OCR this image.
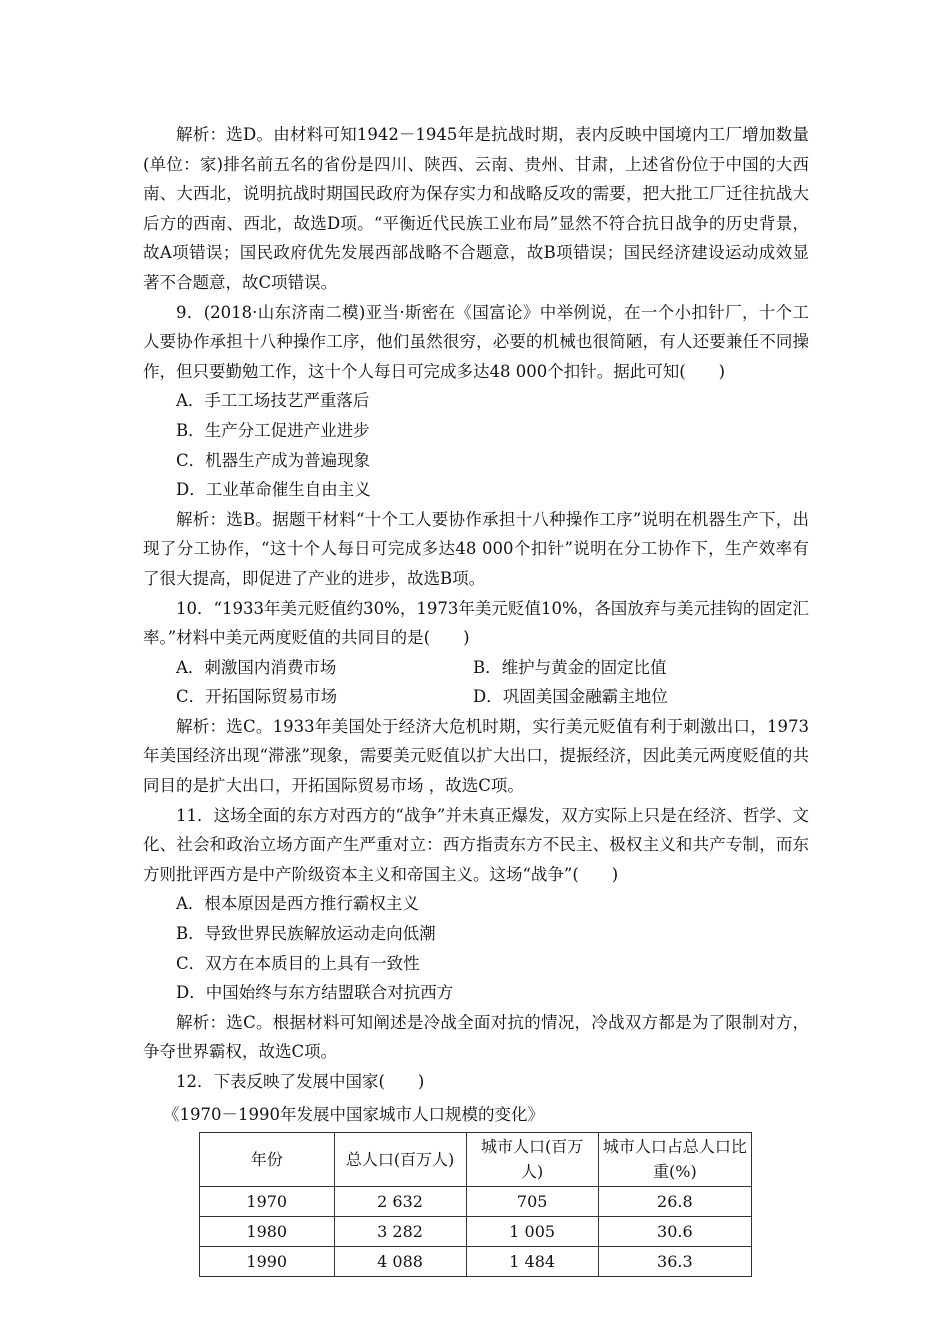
解析：选D。由材料可知1942－1945年是抗战时期，表内反映中国境内工厂增加数量(单位：家)排名前五名的省份是四川、陕西、云南、贵州、甘肃，上述省份位于中国的大西南、大西北，说明抗战时期国民政府为保存实力和战略反攻的需要，把大批工厂迁往抗战大后方的西南、西北，故选D项。“平衡近代民族工业布局”显然不符合抗日战争的历史背景，故A项错误；国民政府优先发展西部战略不合题意，故B项错误；国民经济建设运动成效显著不合题意，故C项错误。

9．(2018·山东济南二模)亚当·斯密在《国富论》中举例说，在一个小扣针厂，十个工人要协作承担十八种操作工序，他们虽然很穷，必要的机械也很简陋，有人还要兼任不同操作，但只要勤勉工作，这十个人每日可完成多达48 000个扣针。据此可知(　　)

A．手工工场技艺严重落后

B．生产分工促进产业进步

C．机器生产成为普遍现象

D．工业革命催生自由主义

解析：选B。据题干材料“十个工人要协作承担十八种操作工序”说明在机器生产下，出现了分工协作，“这十个人每日可完成多达48 000个扣针”说明在分工协作下，生产效率有了很大提高，即促进了产业的进步，故选B项。

10．“1933年美元贬值约30%，1973年美元贬值10%，各国放弃与美元挂钩的固定汇率。”材料中美元两度贬值的共同目的是(　　)

A．刺激国内消费市场	B．维护与黄金的固定比值
C．开拓国际贸易市场	D．巩固美国金融霸主地位

解析：选C。1933年美国处于经济大危机时期，实行美元贬值有利于刺激出口，1973年美国经济出现“滞涨”现象，需要美元贬值以扩大出口，提振经济，因此美元两度贬值的共同目的是扩大出口，开拓国际贸易市场 ，故选C项。

11．这场全面的东方对西方的“战争”并未真正爆发，双方实际上只是在经济、哲学、文化、社会和政治立场方面产生严重对立：西方指责东方不民主、极权主义和共产专制，而东方则批评西方是中产阶级资本主义和帝国主义。这场“战争”(　　)

A．根本原因是西方推行霸权主义

B．导致世界民族解放运动走向低潮

C．双方在本质目的上具有一致性

D．中国始终与东方结盟联合对抗西方

解析：选C。根据材料可知阐述是冷战全面对抗的情况，冷战双方都是为了限制对方，争夺世界霸权，故选C项。

12．下表反映了发展中国家(　　)

《1970－1990年发展中国家城市人口规模的变化》
年份	总人口(百万人)	城市人口(百万人)	城市人口占总人口比重(%)
1970	2 632	705	26.8
1980	3 282	1 005	30.6
1990	4 088	1 484	36.3
